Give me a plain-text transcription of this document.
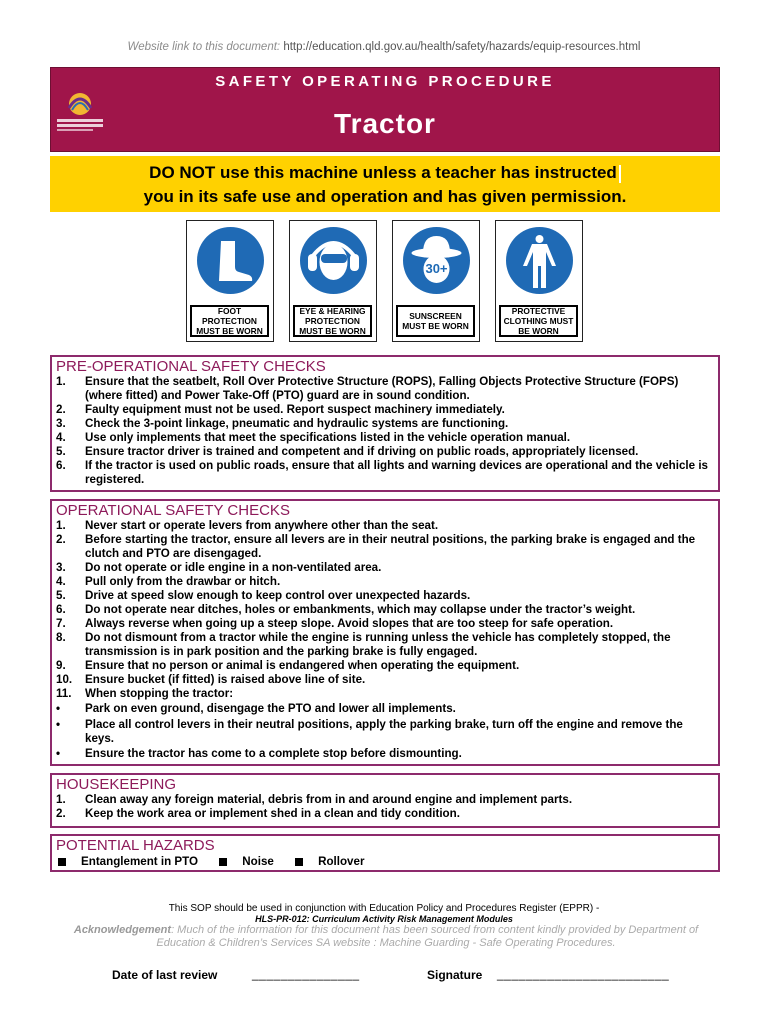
Website link to this document: http://education.qld.gov.au/health/safety/hazards/equip-resources.html
SAFETY OPERATING PROCEDURE
Tractor
DO NOT use this machine unless a teacher has instructed
you in its safe use and operation and has given permission.
FOOT PROTECTION MUST BE WORN
EYE & HEARING PROTECTION MUST BE WORN
30+
SUNSCREEN MUST BE WORN
PROTECTIVE CLOTHING MUST BE WORN
PRE-OPERATIONAL SAFETY CHECKS
1. Ensure that the seatbelt, Roll Over Protective Structure (ROPS), Falling Objects Protective Structure (FOPS) (where fitted) and Power Take-Off (PTO) guard are in sound condition.
2. Faulty equipment must not be used. Report suspect machinery immediately.
3. Check the 3-point linkage, pneumatic and hydraulic systems are functioning.
4. Use only implements that meet the specifications listed in the vehicle operation manual.
5. Ensure tractor driver is trained and competent and if driving on public roads, appropriately licensed.
6. If the tractor is used on public roads, ensure that all lights and warning devices are operational and the vehicle is registered.
OPERATIONAL SAFETY CHECKS
1. Never start or operate levers from anywhere other than the seat.
2. Before starting the tractor, ensure all levers are in their neutral positions, the parking brake is engaged and the clutch and PTO are disengaged.
3. Do not operate or idle engine in a non-ventilated area.
4. Pull only from the drawbar or hitch.
5. Drive at speed slow enough to keep control over unexpected hazards.
6. Do not operate near ditches, holes or embankments, which may collapse under the tractor’s weight.
7. Always reverse when going up a steep slope. Avoid slopes that are too steep for safe operation.
8. Do not dismount from a tractor while the engine is running unless the vehicle has completely stopped, the transmission is in park position and the parking brake is fully engaged.
9. Ensure that no person or animal is endangered when operating the equipment.
10. Ensure bucket (if fitted) is raised above line of site.
11. When stopping the tractor:
• Park on even ground, disengage the PTO and lower all implements.
• Place all control levers in their neutral positions, apply the parking brake, turn off the engine and remove the keys.
• Ensure the tractor has come to a complete stop before dismounting.
HOUSEKEEPING
1. Clean away any foreign material, debris from in and around engine and implement parts.
2. Keep the work area or implement shed in a clean and tidy condition.
POTENTIAL HAZARDS
Entanglement in PTO	Noise	Rollover
This SOP should be used in conjunction with Education Policy and Procedures Register (EPPR) -
HLS-PR-012: Curriculum Activity Risk Management Modules
Acknowledgement: Much of the information for this document has been sourced from content kindly provided by Department of Education & Children’s Services SA website : Machine Guarding - Safe Operating Procedures.
Date of last review	_______________	Signature ________________________
